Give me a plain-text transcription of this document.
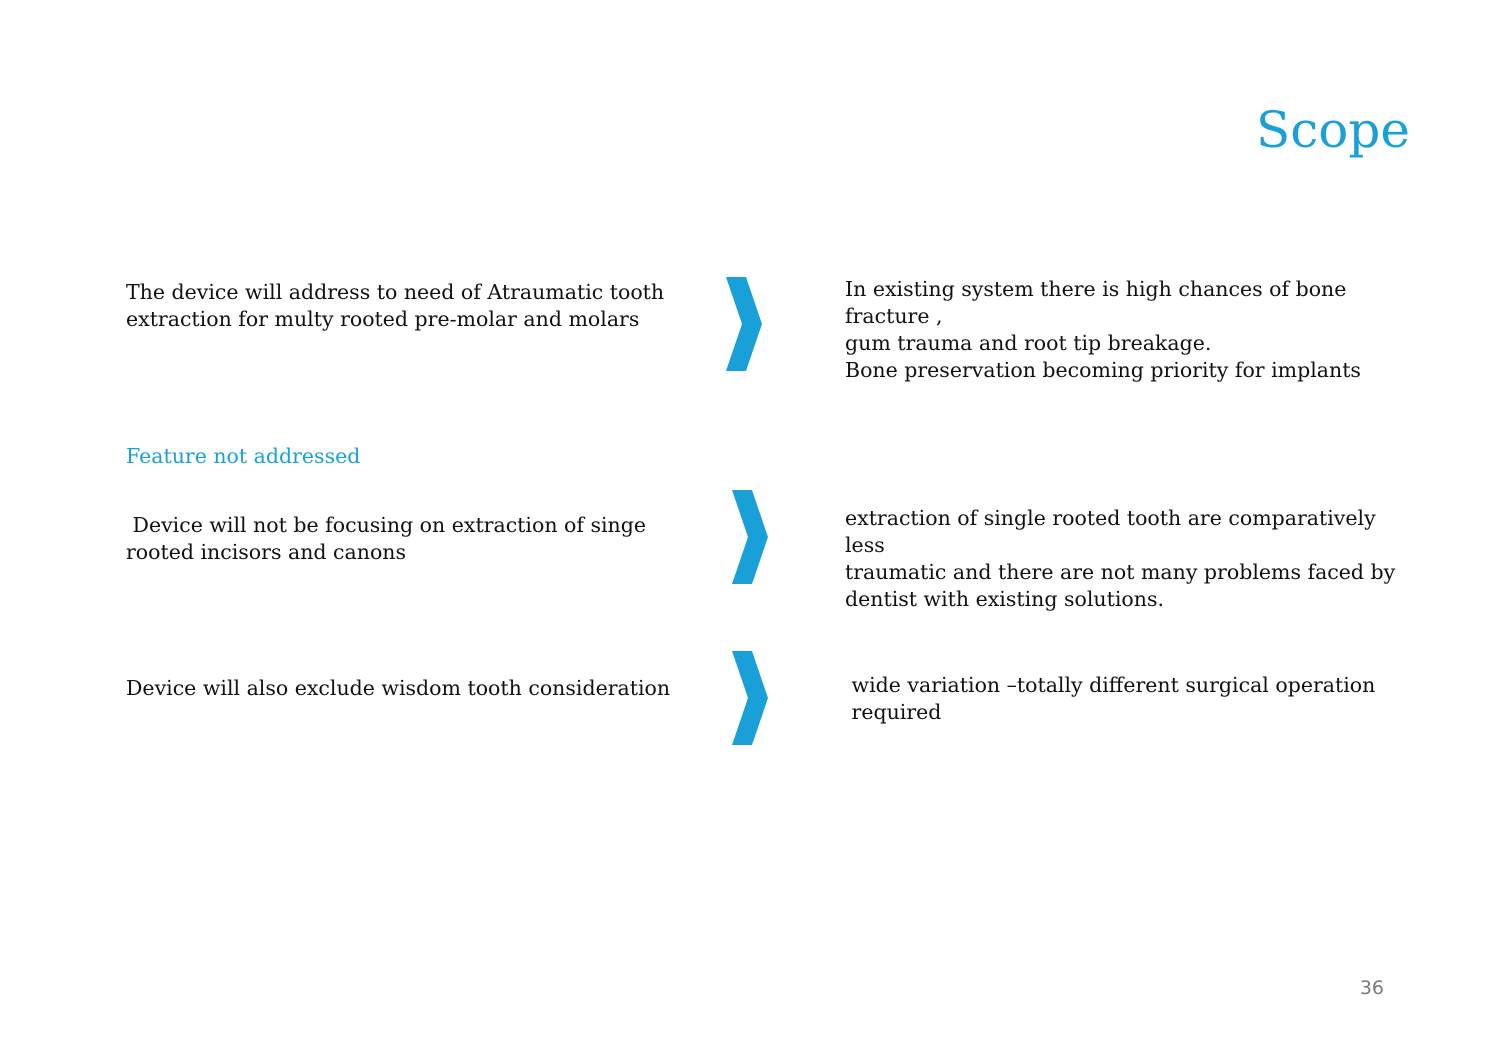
Scope

The device will address to need of Atraumatic tooth extraction for multy rooted pre-molar and molars

In existing system there is high chances of bone fracture ,
gum trauma and root tip breakage.
Bone preservation becoming priority for implants

Feature not addressed

Device will not be focusing on extraction of singe rooted incisors and canons

extraction of single rooted tooth are comparatively less
traumatic and there are not many problems faced by
dentist with existing solutions.

Device will also exclude wisdom tooth consideration	wide variation –totally different surgical operation
required

36
